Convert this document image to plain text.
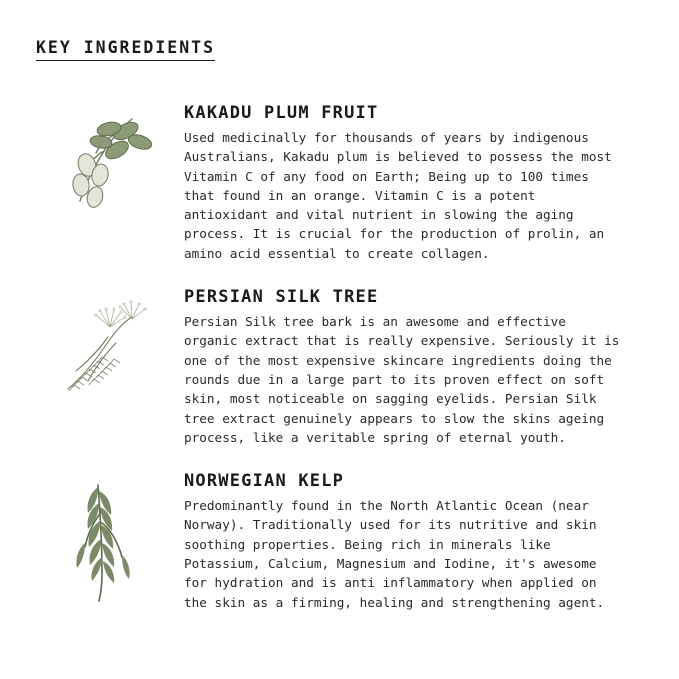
KEY INGREDIENTS
KAKADU PLUM FRUIT

Used medicinally for thousands of years by indigenous Australians, Kakadu plum is believed to possess the most Vitamin C of any food on Earth; Being up to 100 times that found in an orange. Vitamin C is a potent antioxidant and vital nutrient in slowing the aging process. It is crucial for the production of prolin, an amino acid essential to create collagen.

PERSIAN SILK TREE

Persian Silk tree bark is an awesome and effective organic extract that is really expensive. Seriously it is one of the most expensive skincare ingredients doing the rounds due in a large part to its proven effect on soft skin, most noticeable on sagging eyelids. Persian Silk tree extract genuinely appears to slow the skins ageing process, like a veritable spring of eternal youth.

NORWEGIAN KELP

Predominantly found in the North Atlantic Ocean (near Norway). Traditionally used for its nutritive and skin soothing properties. Being rich in minerals like Potassium, Calcium, Magnesium and Iodine, it's awesome for hydration and is anti inflammatory when applied on the skin as a firming, healing and strengthening agent.
